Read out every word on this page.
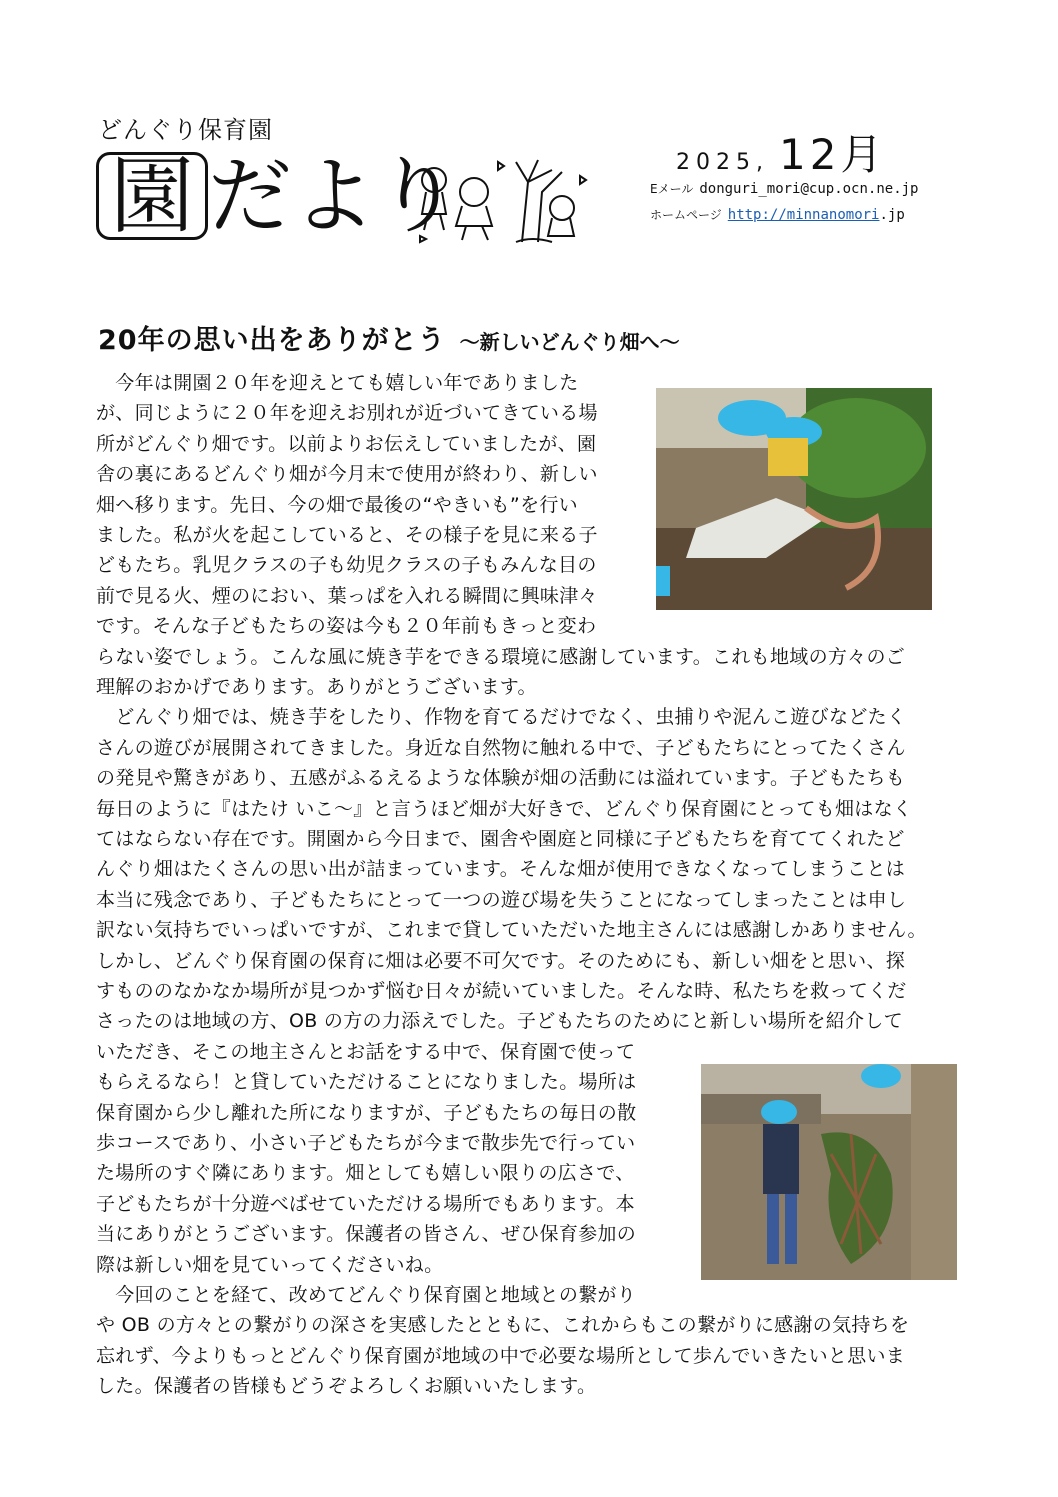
どんぐり保育園
園 だより	2025, 12月
Eメール donguri_mori@cup.ocn.ne.jp
ホームページ http://minnanomori.jp
20年の思い出をありがとう ～新しいどんぐり畑へ～
　今年は開園２０年を迎えとても嬉しい年でありました
が、同じように２０年を迎えお別れが近づいてきている場
所がどんぐり畑です。以前よりお伝えしていましたが、園
舎の裏にあるどんぐり畑が今月末で使用が終わり、新しい
畑へ移ります。先日、今の畑で最後の“やきいも”を行い
ました。私が火を起こしていると、その様子を見に来る子
どもたち。乳児クラスの子も幼児クラスの子もみんな目の
前で見る火、煙のにおい、葉っぱを入れる瞬間に興味津々
です。そんな子どもたちの姿は今も２０年前もきっと変わ
らない姿でしょう。こんな風に焼き芋をできる環境に感謝しています。これも地域の方々のご
理解のおかげであります。ありがとうございます。
　どんぐり畑では、焼き芋をしたり、作物を育てるだけでなく、虫捕りや泥んこ遊びなどたく
さんの遊びが展開されてきました。身近な自然物に触れる中で、子どもたちにとってたくさん
の発見や驚きがあり、五感がふるえるような体験が畑の活動には溢れています。子どもたちも
毎日のように『はたけ いこ～』と言うほど畑が大好きで、どんぐり保育園にとっても畑はなく
てはならない存在です。開園から今日まで、園舎や園庭と同様に子どもたちを育ててくれたど
んぐり畑はたくさんの思い出が詰まっています。そんな畑が使用できなくなってしまうことは
本当に残念であり、子どもたちにとって一つの遊び場を失うことになってしまったことは申し
訳ない気持ちでいっぱいですが、これまで貸していただいた地主さんには感謝しかありません。
しかし、どんぐり保育園の保育に畑は必要不可欠です。そのためにも、新しい畑をと思い、探
すもののなかなか場所が見つかず悩む日々が続いていました。そんな時、私たちを救ってくだ
さったのは地域の方、OB の方の力添えでした。子どもたちのためにと新しい場所を紹介して
いただき、そこの地主さんとお話をする中で、保育園で使って
もらえるなら！と貸していただけることになりました。場所は
保育園から少し離れた所になりますが、子どもたちの毎日の散
歩コースであり、小さい子どもたちが今まで散歩先で行ってい
た場所のすぐ隣にあります。畑としても嬉しい限りの広さで、
子どもたちが十分遊べばせていただける場所でもあります。本
当にありがとうございます。保護者の皆さん、ぜひ保育参加の
際は新しい畑を見ていってくださいね。
　今回のことを経て、改めてどんぐり保育園と地域との繋がり
や OB の方々との繋がりの深さを実感したとともに、これからもこの繋がりに感謝の気持ちを
忘れず、今よりもっとどんぐり保育園が地域の中で必要な場所として歩んでいきたいと思いま
した。保護者の皆様もどうぞよろしくお願いいたします。
